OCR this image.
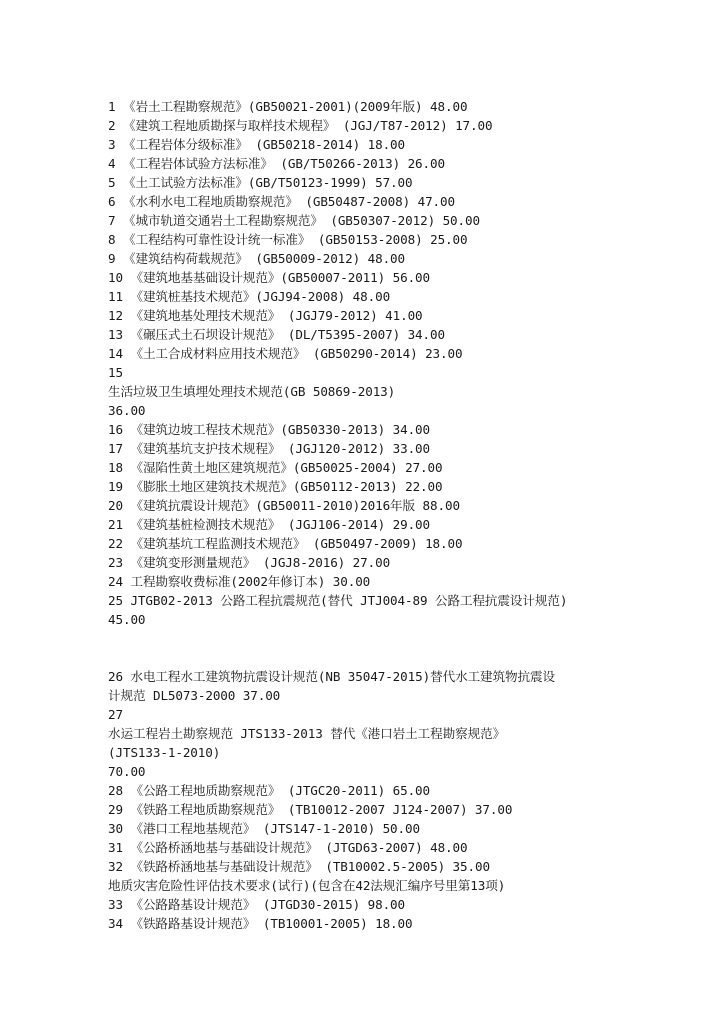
1 《岩土工程勘察规范》(GB50021-2001)(2009年版) 48.00
2 《建筑工程地质勘探与取样技术规程》 (JGJ/T87-2012) 17.00
3 《工程岩体分级标准》 (GB50218-2014) 18.00
4 《工程岩体试验方法标准》 (GB/T50266-2013) 26.00
5 《土工试验方法标准》(GB/T50123-1999) 57.00
6 《水利水电工程地质勘察规范》 (GB50487-2008) 47.00
7 《城市轨道交通岩土工程勘察规范》 (GB50307-2012) 50.00
8 《工程结构可靠性设计统一标准》 (GB50153-2008) 25.00
9 《建筑结构荷载规范》 (GB50009-2012) 48.00
10 《建筑地基基础设计规范》(GB50007-2011) 56.00
11 《建筑桩基技术规范》(JGJ94-2008) 48.00
12 《建筑地基处理技术规范》 (JGJ79-2012) 41.00
13 《碾压式土石坝设计规范》 (DL/T5395-2007) 34.00
14 《土工合成材料应用技术规范》 (GB50290-2014) 23.00
15
生活垃圾卫生填埋处理技术规范(GB 50869-2013)
36.00
16 《建筑边坡工程技术规范》(GB50330-2013) 34.00
17 《建筑基坑支护技术规程》 (JGJ120-2012) 33.00
18 《湿陷性黄土地区建筑规范》(GB50025-2004) 27.00
19 《膨胀土地区建筑技术规范》(GB50112-2013) 22.00
20 《建筑抗震设计规范》(GB50011-2010)2016年版 88.00
21 《建筑基桩检测技术规范》 (JGJ106-2014) 29.00
22 《建筑基坑工程监测技术规范》 (GB50497-2009) 18.00
23 《建筑变形测量规范》 (JGJ8-2016) 27.00
24 工程勘察收费标准(2002年修订本) 30.00
25 JTGB02-2013 公路工程抗震规范(替代 JTJ004-89 公路工程抗震设计规范)
45.00
26 水电工程水工建筑物抗震设计规范(NB 35047-2015)替代水工建筑物抗震设
计规范 DL5073-2000 37.00
27
水运工程岩土勘察规范 JTS133-2013 替代《港口岩土工程勘察规范》
(JTS133-1-2010)
70.00
28 《公路工程地质勘察规范》 (JTGC20-2011) 65.00
29 《铁路工程地质勘察规范》 (TB10012-2007 J124-2007) 37.00
30 《港口工程地基规范》 (JTS147-1-2010) 50.00
31 《公路桥涵地基与基础设计规范》 (JTGD63-2007) 48.00
32 《铁路桥涵地基与基础设计规范》 (TB10002.5-2005) 35.00
地质灾害危险性评估技术要求(试行)(包含在42法规汇编序号里第13项)
33 《公路路基设计规范》 (JTGD30-2015) 98.00
34 《铁路路基设计规范》 (TB10001-2005) 18.00
